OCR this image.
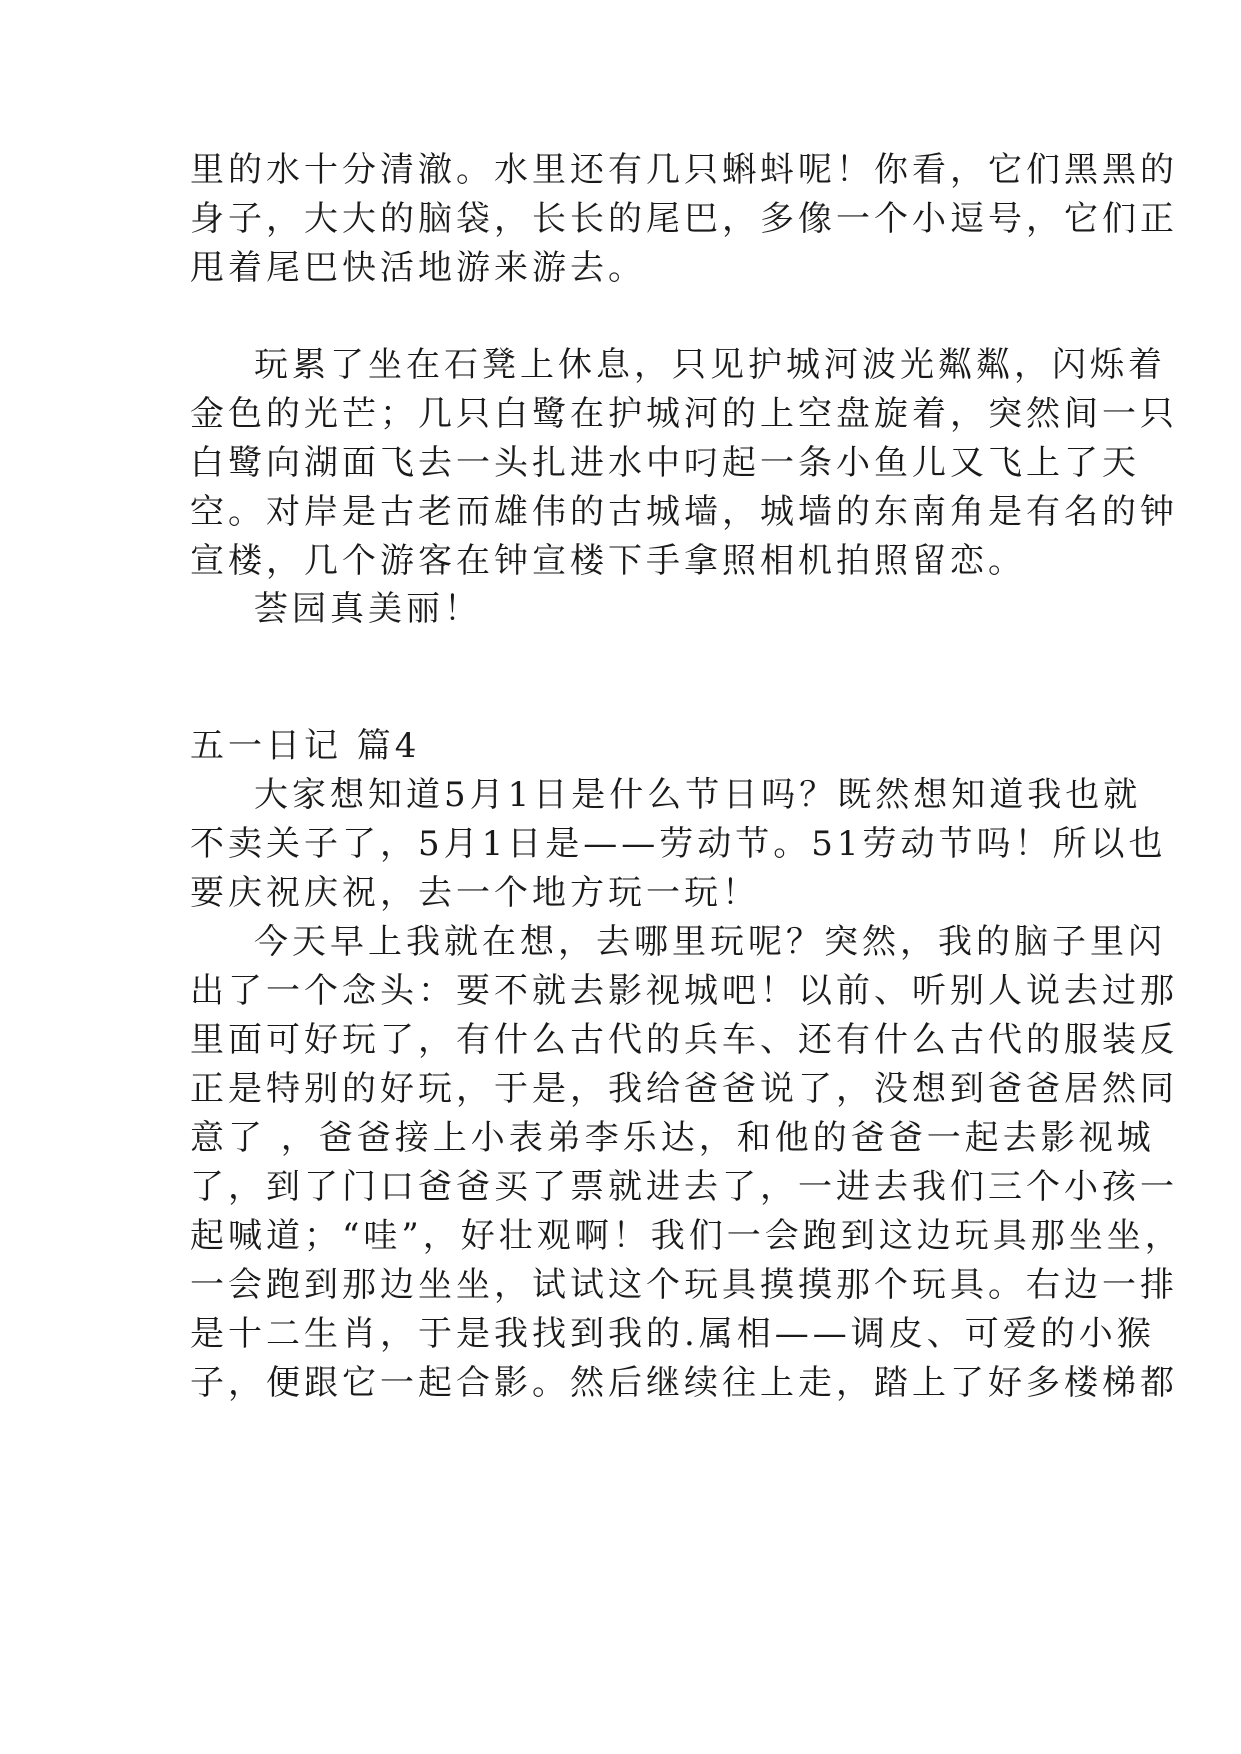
里的水十分清澈。水里还有几只蝌蚪呢！你看，它们黑黑的
身子，大大的脑袋，长长的尾巴，多像一个小逗号，它们正
甩着尾巴快活地游来游去。
玩累了坐在石凳上休息，只见护城河波光粼粼，闪烁着
金色的光芒；几只白鹭在护城河的上空盘旋着，突然间一只
白鹭向湖面飞去一头扎进水中叼起一条小鱼儿又飞上了天
空。对岸是古老而雄伟的古城墙，城墙的东南角是有名的钟
宣楼，几个游客在钟宣楼下手拿照相机拍照留恋。
荟园真美丽！
五一日记 篇4
大家想知道5月1日是什么节日吗？既然想知道我也就
不卖关子了，5月1日是——劳动节。51劳动节吗！所以也
要庆祝庆祝，去一个地方玩一玩！
今天早上我就在想，去哪里玩呢？突然，我的脑子里闪
出了一个念头：要不就去影视城吧！以前、听别人说去过那
里面可好玩了，有什么古代的兵车、还有什么古代的服装反
正是特别的好玩，于是，我给爸爸说了，没想到爸爸居然同
意了 ，爸爸接上小表弟李乐达，和他的爸爸一起去影视城
了，到了门口爸爸买了票就进去了，一进去我们三个小孩一
起喊道；“哇”，好壮观啊！我们一会跑到这边玩具那坐坐，
一会跑到那边坐坐，试试这个玩具摸摸那个玩具。右边一排
是十二生肖，于是我找到我的.属相——调皮、可爱的小猴
子，便跟它一起合影。然后继续往上走，踏上了好多楼梯都
